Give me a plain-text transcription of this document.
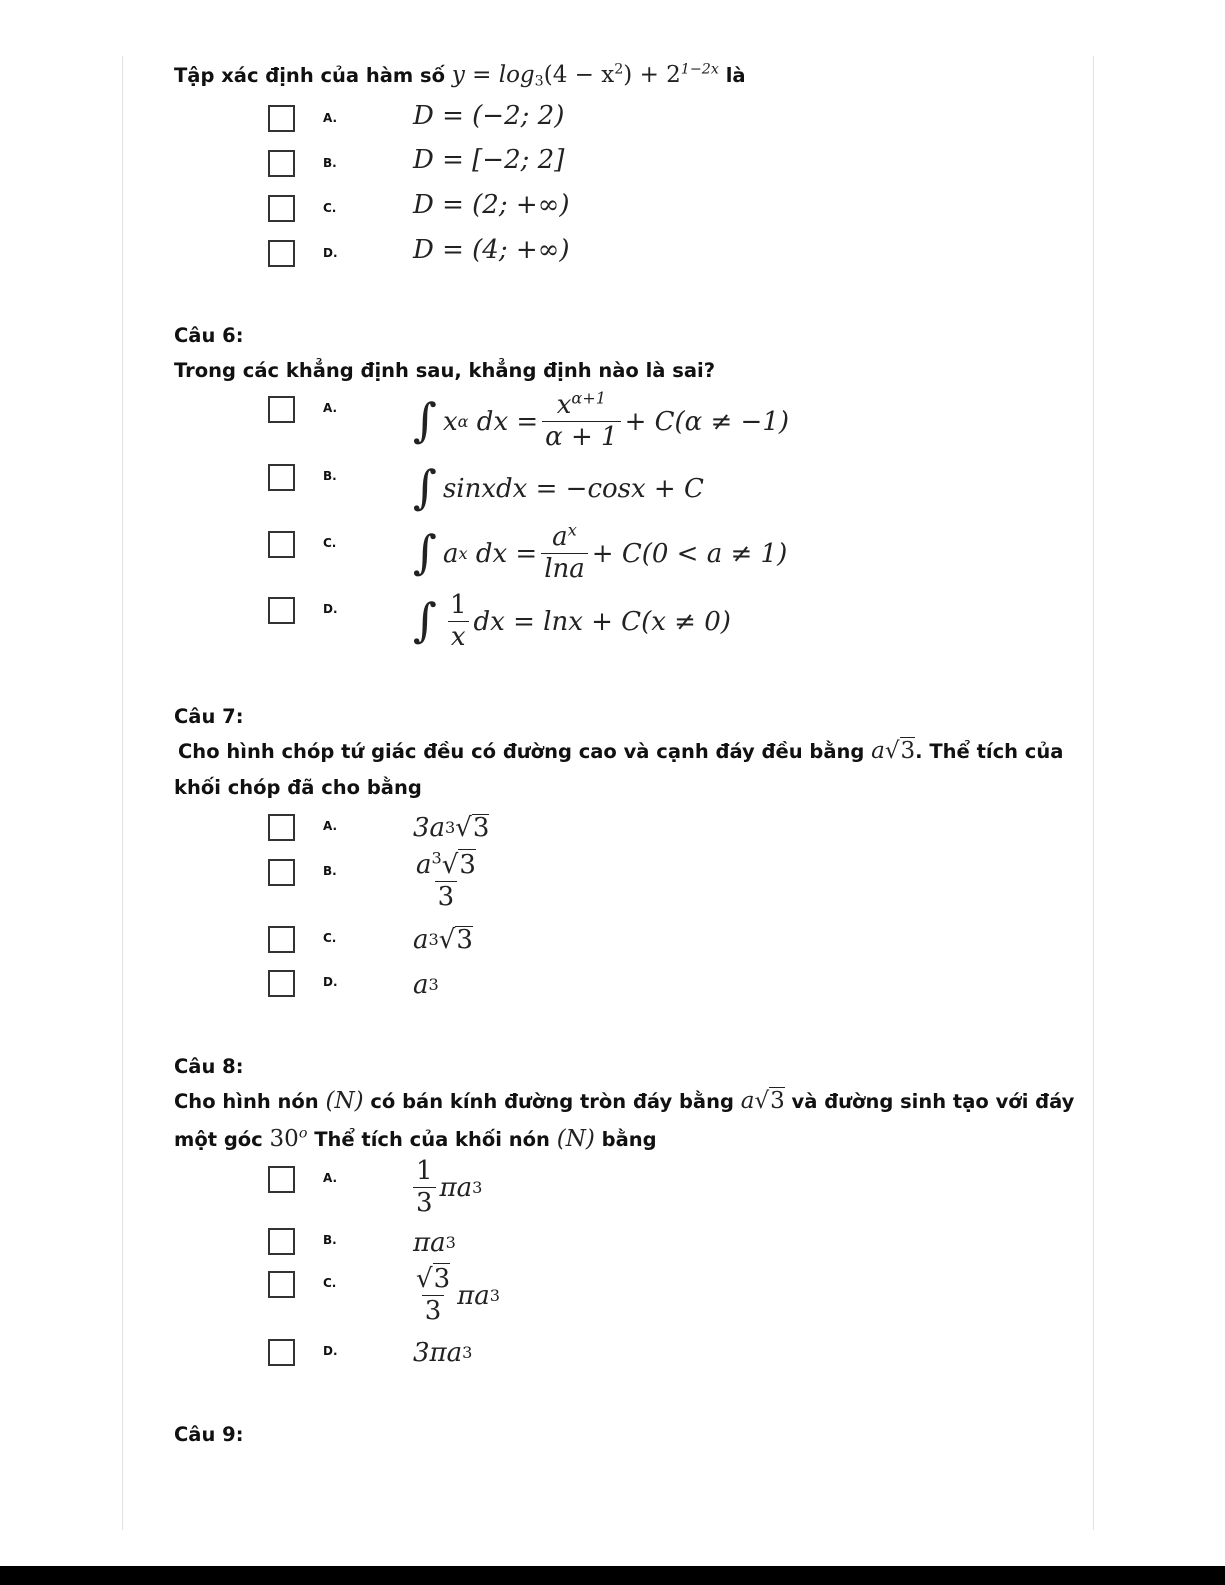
Tập xác định của hàm số $y = \log_3(4 - x^2) + 2^{1-2x}$ là
A.	D = (−2; 2)
B.	D = [−2; 2]
C.	D = (2; +∞)
D.	D = (4; +∞)
Câu 6:
Trong các khẳng định sau, khẳng định nào là sai?
A. ∫ x α
dx = $\frac{x^{\alpha+1}}{\alpha + 1} + C(\alpha \ne -1)$
B. ∫ sinxdx = −cosx + C
C. ∫ a x
dx = $\frac{a^x}{\ln a} + C(0 < a \ne 1)$
D. ∫ $\frac{1}{x}$ dx = lnx + C(x ≠ 0)
Câu 7:
Cho hình chóp tứ giác đều có đường cao và cạnh đáy đều bằng a√3. Thể tích của
khối chóp đã cho bằng
A.	3a 3 √ 3
B.	$\frac{a^3√3}{3}$
C.	a 3 √ 3
D.	a 3
Câu 8:
Cho hình nón (N) có bán kính đường tròn đáy bằng a√3 và đường sinh tạo với đáy
một góc 30$^o$ Thể tích của khối nón (N) bằng
A.	$\frac{1}{3}$ πa 3
B.	πa 3
C.	$\frac{√3}{3}$ πa 3
D.	3πa 3
Câu 9:
